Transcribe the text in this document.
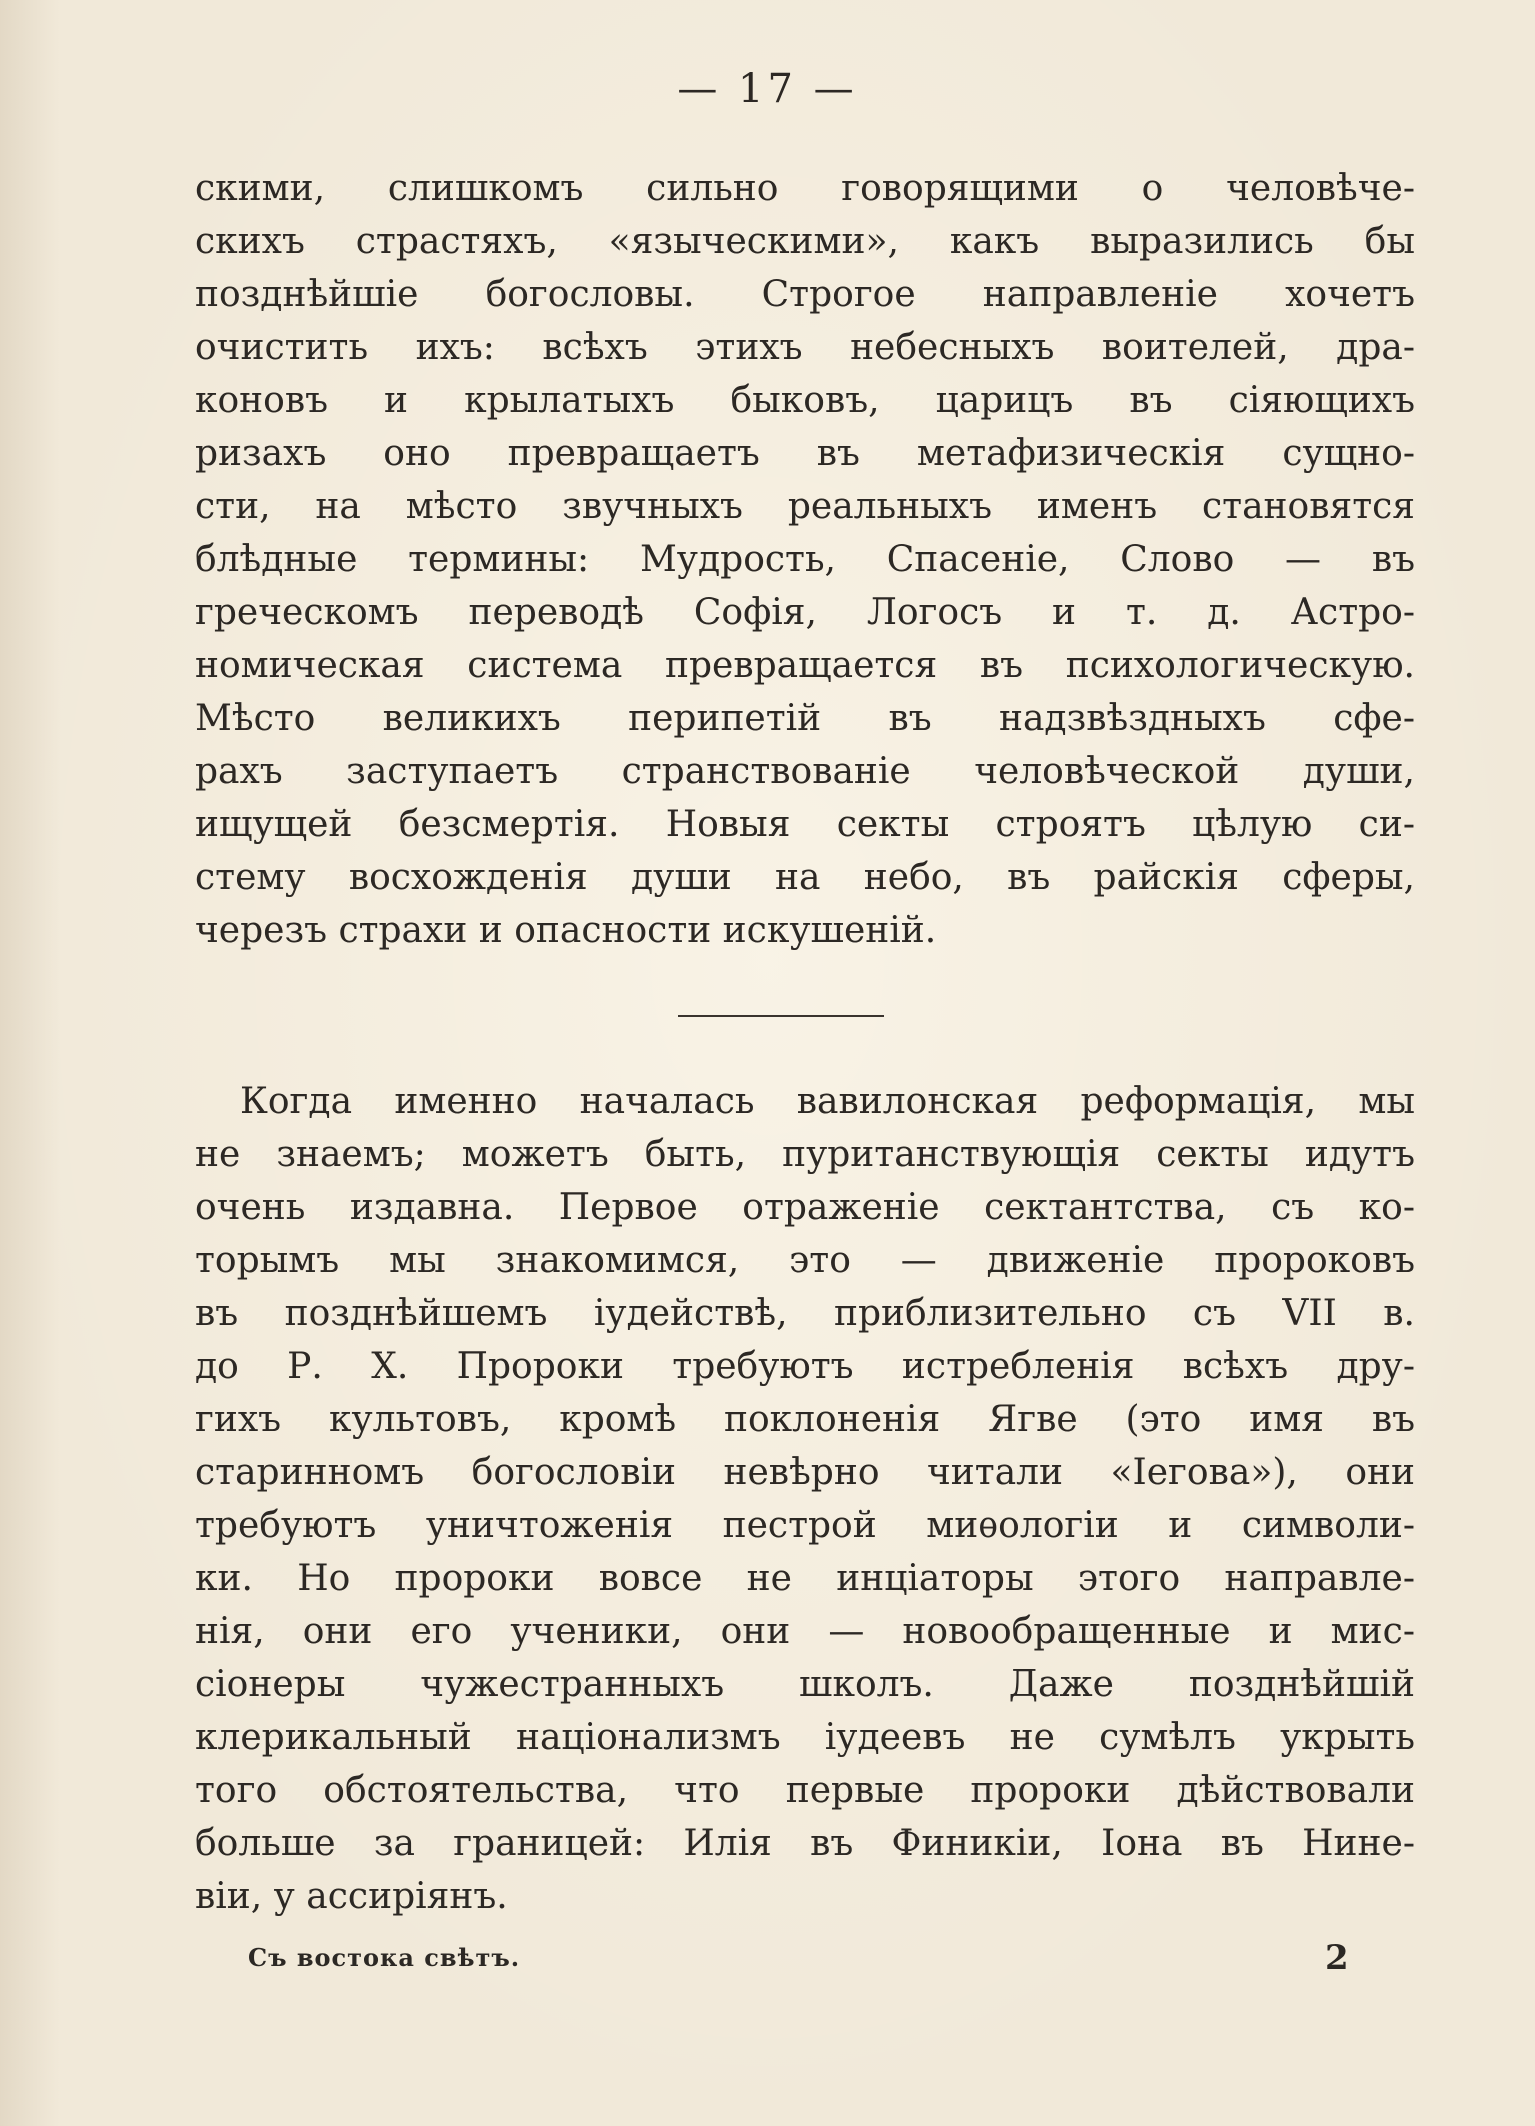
— 17 —
скими, слишкомъ сильно говорящими о человѣче-
скихъ страстяхъ, «языческими», какъ выразились бы
позднѣйшіе богословы. Строгое направленіе хочетъ
очистить ихъ: всѣхъ этихъ небесныхъ воителей, дра-
коновъ и крылатыхъ быковъ, царицъ въ сіяющихъ
ризахъ оно превращаетъ въ метафизическія сущно-
сти, на мѣсто звучныхъ реальныхъ именъ становятся
блѣдные термины: Мудрость, Спасеніе, Слово — въ
греческомъ переводѣ Софія, Логосъ и т. д. Астро-
номическая система превращается въ психологическую.
Мѣсто великихъ перипетій въ надзвѣздныхъ сфе-
рахъ заступаетъ странствованіе человѣческой души,
ищущей безсмертія. Новыя секты строятъ цѣлую си-
стему восхожденія души на небо, въ райскія сферы,
черезъ страхи и опасности искушеній.
Когда именно началась вавилонская реформація, мы
не знаемъ; можетъ быть, пуританствующія секты идутъ
очень издавна. Первое отраженіе сектантства, съ ко-
торымъ мы знакомимся, это — движеніе пророковъ
въ позднѣйшемъ іудействѣ, приблизительно съ VII в.
до Р. Х. Пророки требуютъ истребленія всѣхъ дру-
гихъ культовъ, кромѣ поклоненія Ягве (это имя въ
старинномъ богословіи невѣрно читали «Іегова»), они
требуютъ уничтоженія пестрой миѳологіи и символи-
ки. Но пророки вовсе не инціаторы этого направле-
нія, они его ученики, они — новообращенные и мис-
сіонеры чужестранныхъ школъ. Даже позднѣйшій
клерикальный націонализмъ іудеевъ не сумѣлъ укрыть
того обстоятельства, что первые пророки дѣйствовали
больше за границей: Илія въ Финикіи, Іона въ Нине-
віи, у ассиріянъ.
Съ востока свѣтъ.	2
